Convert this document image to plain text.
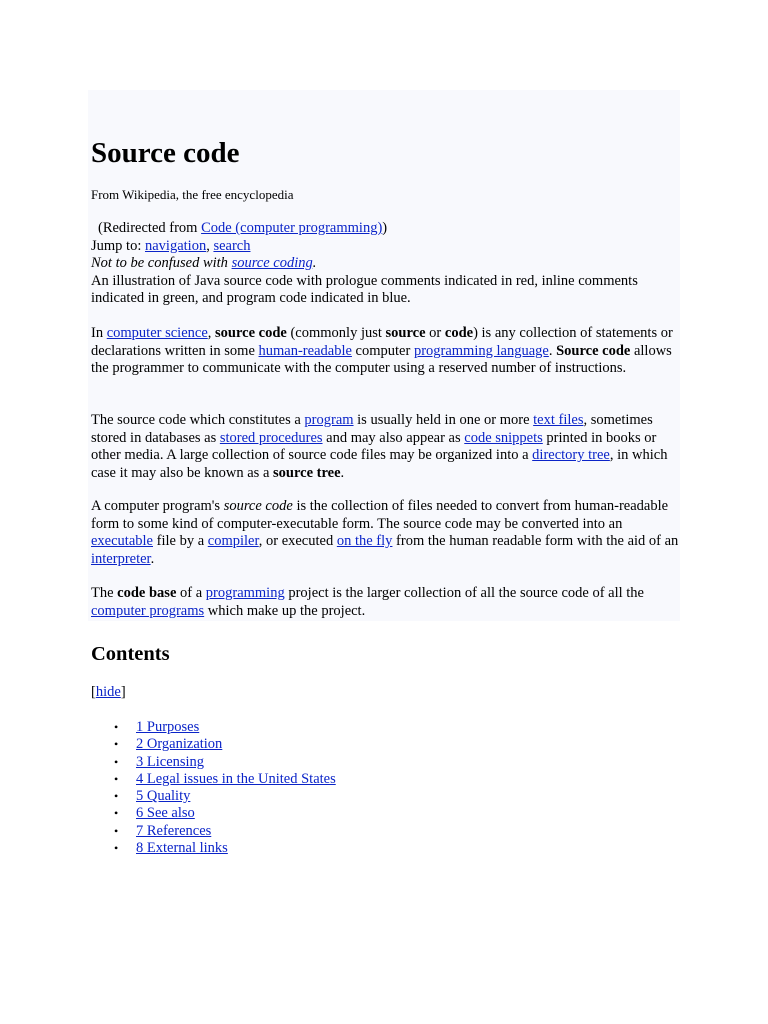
Source code
From Wikipedia, the free encyclopedia
(Redirected from Code (computer programming))
Jump to: navigation, search
Not to be confused with source coding.
An illustration of Java source code with prologue comments indicated in red, inline comments indicated in green, and program code indicated in blue.

In computer science, source code (commonly just source or code) is any collection of statements or declarations written in some human-readable computer programming language. Source code allows the programmer to communicate with the computer using a reserved number of instructions.

The source code which constitutes a program is usually held in one or more text files, sometimes stored in databases as stored procedures and may also appear as code snippets printed in books or other media. A large collection of source code files may be organized into a directory tree, in which case it may also be known as a source tree.

A computer program's source code is the collection of files needed to convert from human-readable form to some kind of computer-executable form. The source code may be converted into an executable file by a compiler, or executed on the fly from the human readable form with the aid of an interpreter.

The code base of a programming project is the larger collection of all the source code of all the computer programs which make up the project.

Contents
[hide]
• 1 Purposes
• 2 Organization
• 3 Licensing
• 4 Legal issues in the United States
• 5 Quality
• 6 See also
• 7 References
• 8 External links
